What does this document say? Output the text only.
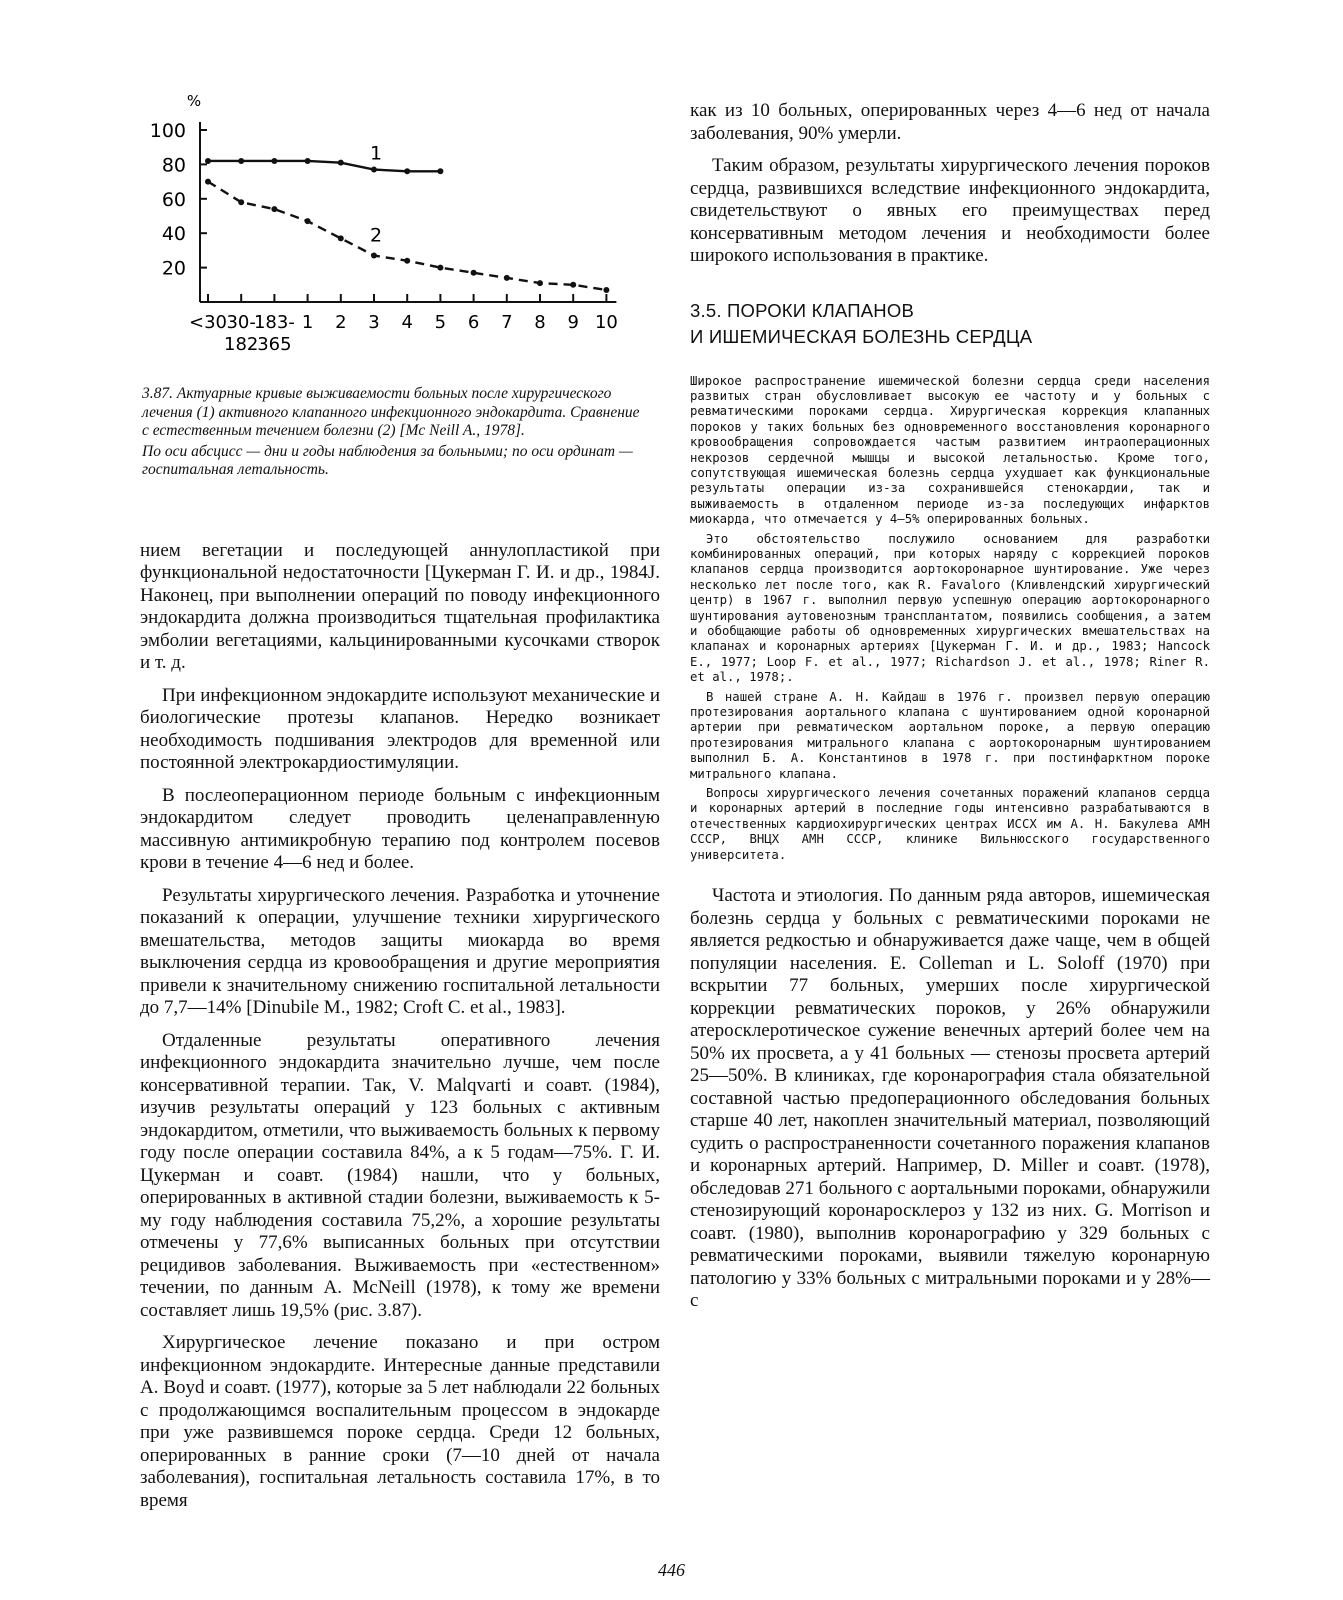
%
100
80
60
40
20
<30 30-
182
183-
365
1 2 3 4 5 6 7 8 9 10
1
2

3.87. Актуарные кривые выживаемости больных после хирургического лечения (1) активного клапанного инфекционного эндокардита. Сравнение с естественным течением болезни (2) [Mc Neill A., 1978].

По оси абсцисс — дни и годы наблюдения за больными; по оси ординат — госпитальная летальность.

нием вегетации и последующей аннулопластикой при функциональной недостаточности [Цукерман Г. И. и др., 1984J. Наконец, при выполнении операций по поводу инфекционного эндокардита должна производиться тщательная профилактика эмболии вегетациями, кальцинированными кусочками створок и т. д.

При инфекционном эндокардите используют механические и биологические протезы клапанов. Нередко возникает необходимость подшивания электродов для временной или постоянной электрокардиостимуляции.

В послеоперационном периоде больным с инфекционным эндокардитом следует проводить целенаправленную массивную антимикробную терапию под контролем посевов крови в течение 4—6 нед и более.

Результаты хирургического лечения. Разработка и уточнение показаний к операции, улучшение техники хирургического вмешательства, методов защиты миокарда во время выключения сердца из кровообращения и другие мероприятия привели к значительному снижению госпитальной летальности до 7,7—14% [Dinubile M., 1982; Croft C. et al., 1983].

Отдаленные результаты оперативного лечения инфекционного эндокардита значительно лучше, чем после консервативной терапии. Так, V. Malqvarti и соавт. (1984), изучив результаты операций у 123 больных с активным эндокардитом, отметили, что выживаемость больных к первому году после операции составила 84%, а к 5 годам—75%. Г. И. Цукерман и соавт. (1984) нашли, что у больных, оперированных в активной стадии болезни, выживаемость к 5-му году наблюдения составила 75,2%, а хорошие результаты отмечены у 77,6% выписанных больных при отсутствии рецидивов заболевания. Выживаемость при «естественном» течении, по данным A. McNeill (1978), к тому же времени составляет лишь 19,5% (рис. 3.87).

Хирургическое лечение показано и при остром инфекционном эндокардите. Интересные данные представили A. Boyd и соавт. (1977), которые за 5 лет наблюдали 22 больных с продолжающимся воспалительным процессом в эндокарде при уже развившемся пороке сердца. Среди 12 больных, оперированных в ранние сроки (7—10 дней от начала заболевания), госпитальная летальность составила 17%, в то время

как из 10 больных, оперированных через 4—6 нед от начала заболевания, 90% умерли.

Таким образом, результаты хирургического лечения пороков сердца, развившихся вследствие инфекционного эндокардита, свидетельствуют о явных его преимуществах перед консервативным методом лечения и необходимости более широкого использования в практике.

3.5. ПОРОКИ КЛАПАНОВ
И ИШЕМИЧЕСКАЯ БОЛЕЗНЬ СЕРДЦА

Широкое распространение ишемической болезни сердца среди населения развитых стран обусловливает высокую ее частоту и у больных с ревматическими пороками сердца. Хирургическая коррекция клапанных пороков у таких больных без одновременного восстановления коронарного кровообращения сопровождается частым развитием интраоперационных некрозов сердечной мышцы и высокой летальностью. Кроме того, сопутствующая ишемическая болезнь сердца ухудшает как функциональные результаты операции из-за сохранившейся стенокардии, так и выживаемость в отдаленном периоде из-за последующих инфарктов миокарда, что отмечается у 4—5% оперированных больных.

Это обстоятельство послужило основанием для разработки комбинированных операций, при которых наряду с коррекцией пороков клапанов сердца производится аортокоронарное шунтирование. Уже через несколько лет после того, как R. Favaloro (Кливлендский хирургический центр) в 1967 г. выполнил первую успешную операцию аортокоронарного шунтирования аутовенозным трансплантатом, появились сообщения, а затем и обобщающие работы об одновременных хирургических вмешательствах на клапанах и коронарных артериях [Цукерман Г. И. и др., 1983; Hancock E., 1977; Loop F. et al., 1977; Richardson J. et al., 1978; Riner R. et al., 1978;.

В нашей стране А. Н. Кайдаш в 1976 г. произвел первую операцию протезирования аортального клапана с шунтированием одной коронарной артерии при ревматическом аортальном пороке, а первую операцию протезирования митрального клапана с аортокоронарным шунтированием выполнил Б. А. Константинов в 1978 г. при постинфарктном пороке митрального клапана.

Вопросы хирургического лечения сочетанных поражений клапанов сердца и коронарных артерий в последние годы интенсивно разрабатываются в отечественных кардиохирургических центрах ИССХ им А. Н. Бакулева АМН СССР, ВНЦХ АМН СССР, клинике Вильнюсского государственного университета.

Частота и этиология. По данным ряда авторов, ишемическая болезнь сердца у больных с ревматическими пороками не является редкостью и обнаруживается даже чаще, чем в общей популяции населения. E. Colleman и L. Soloff (1970) при вскрытии 77 больных, умерших после хирургической коррекции ревматических пороков, у 26% обнаружили атеросклеротическое сужение венечных артерий более чем на 50% их просвета, а у 41 больных — стенозы просвета артерий 25—50%. В клиниках, где коронарография стала обязательной составной частью предоперационного обследования больных старше 40 лет, накоплен значительный материал, позволяющий судить о распространенности сочетанного поражения клапанов и коронарных артерий. Например, D. Miller и соавт. (1978), обследовав 271 больного с аортальными пороками, обнаружили стенозирующий коронаросклероз у 132 из них. G. Morrison и соавт. (1980), выполнив коронарографию у 329 больных с ревматическими пороками, выявили тяжелую коронарную патологию у 33% больных с митральными пороками и у 28%—с

446
